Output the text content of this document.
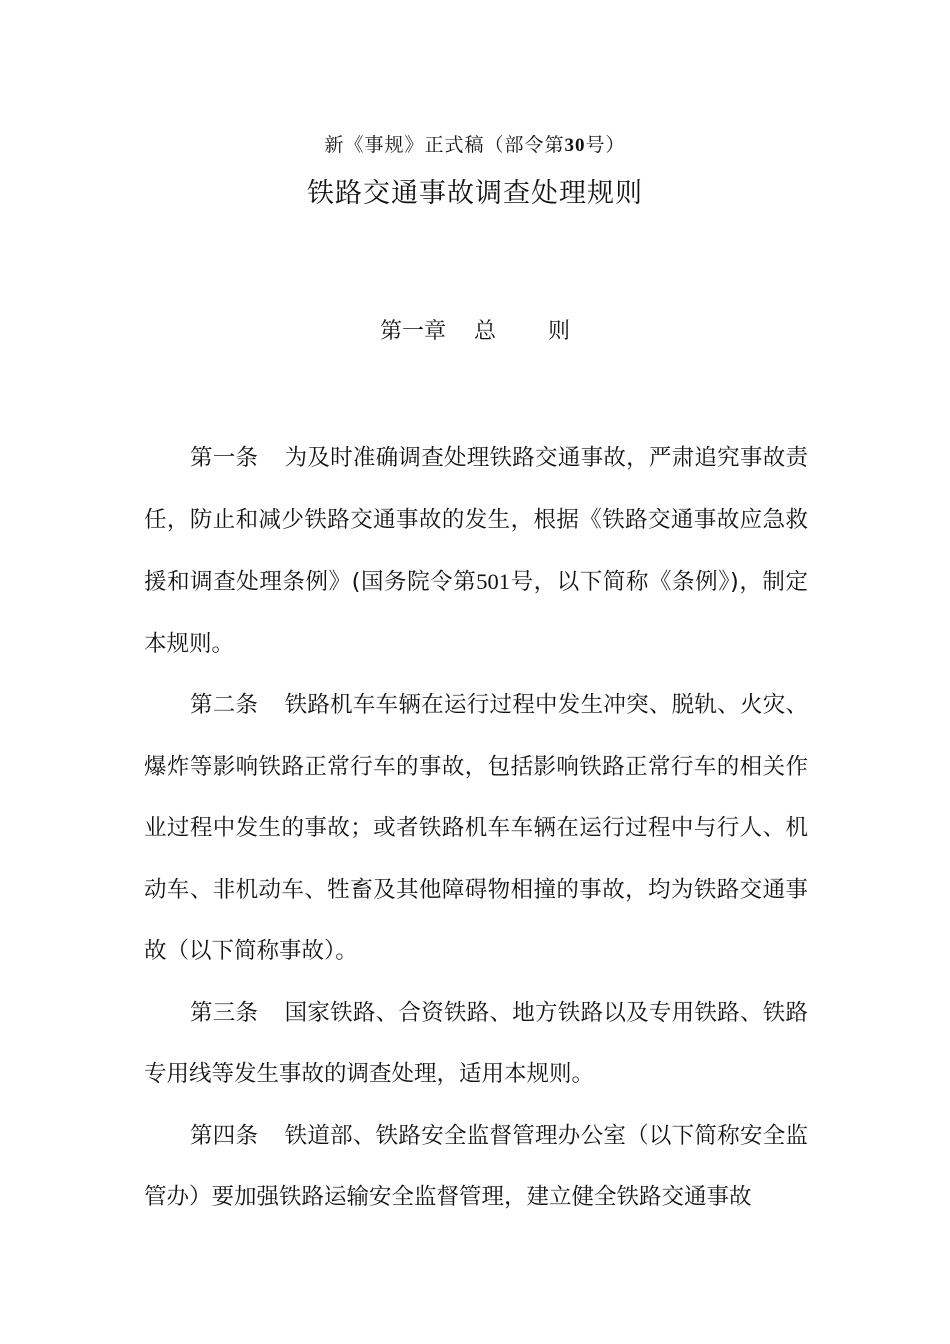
新《事规》正式稿（部令第30号）
铁路交通事故调查处理规则
第一章 总 则

第一条 为及时准确调查处理铁路交通事故，严肃追究事故责任，防止和减少铁路交通事故的发生，根据《铁路交通事故应急救援和调查处理条例》(国务院令第501号，以下简称《条例》)，制定本规则。

第二条 铁路机车车辆在运行过程中发生冲突、脱轨、火灾、爆炸等影响铁路正常行车的事故，包括影响铁路正常行车的相关作业过程中发生的事故；或者铁路机车车辆在运行过程中与行人、机动车、非机动车、牲畜及其他障碍物相撞的事故，均为铁路交通事故（以下简称事故）。

第三条 国家铁路、合资铁路、地方铁路以及专用铁路、铁路专用线等发生事故的调查处理，适用本规则。

第四条 铁道部、铁路安全监督管理办公室（以下简称安全监管办）要加强铁路运输安全监督管理，建立健全铁路交通事故
